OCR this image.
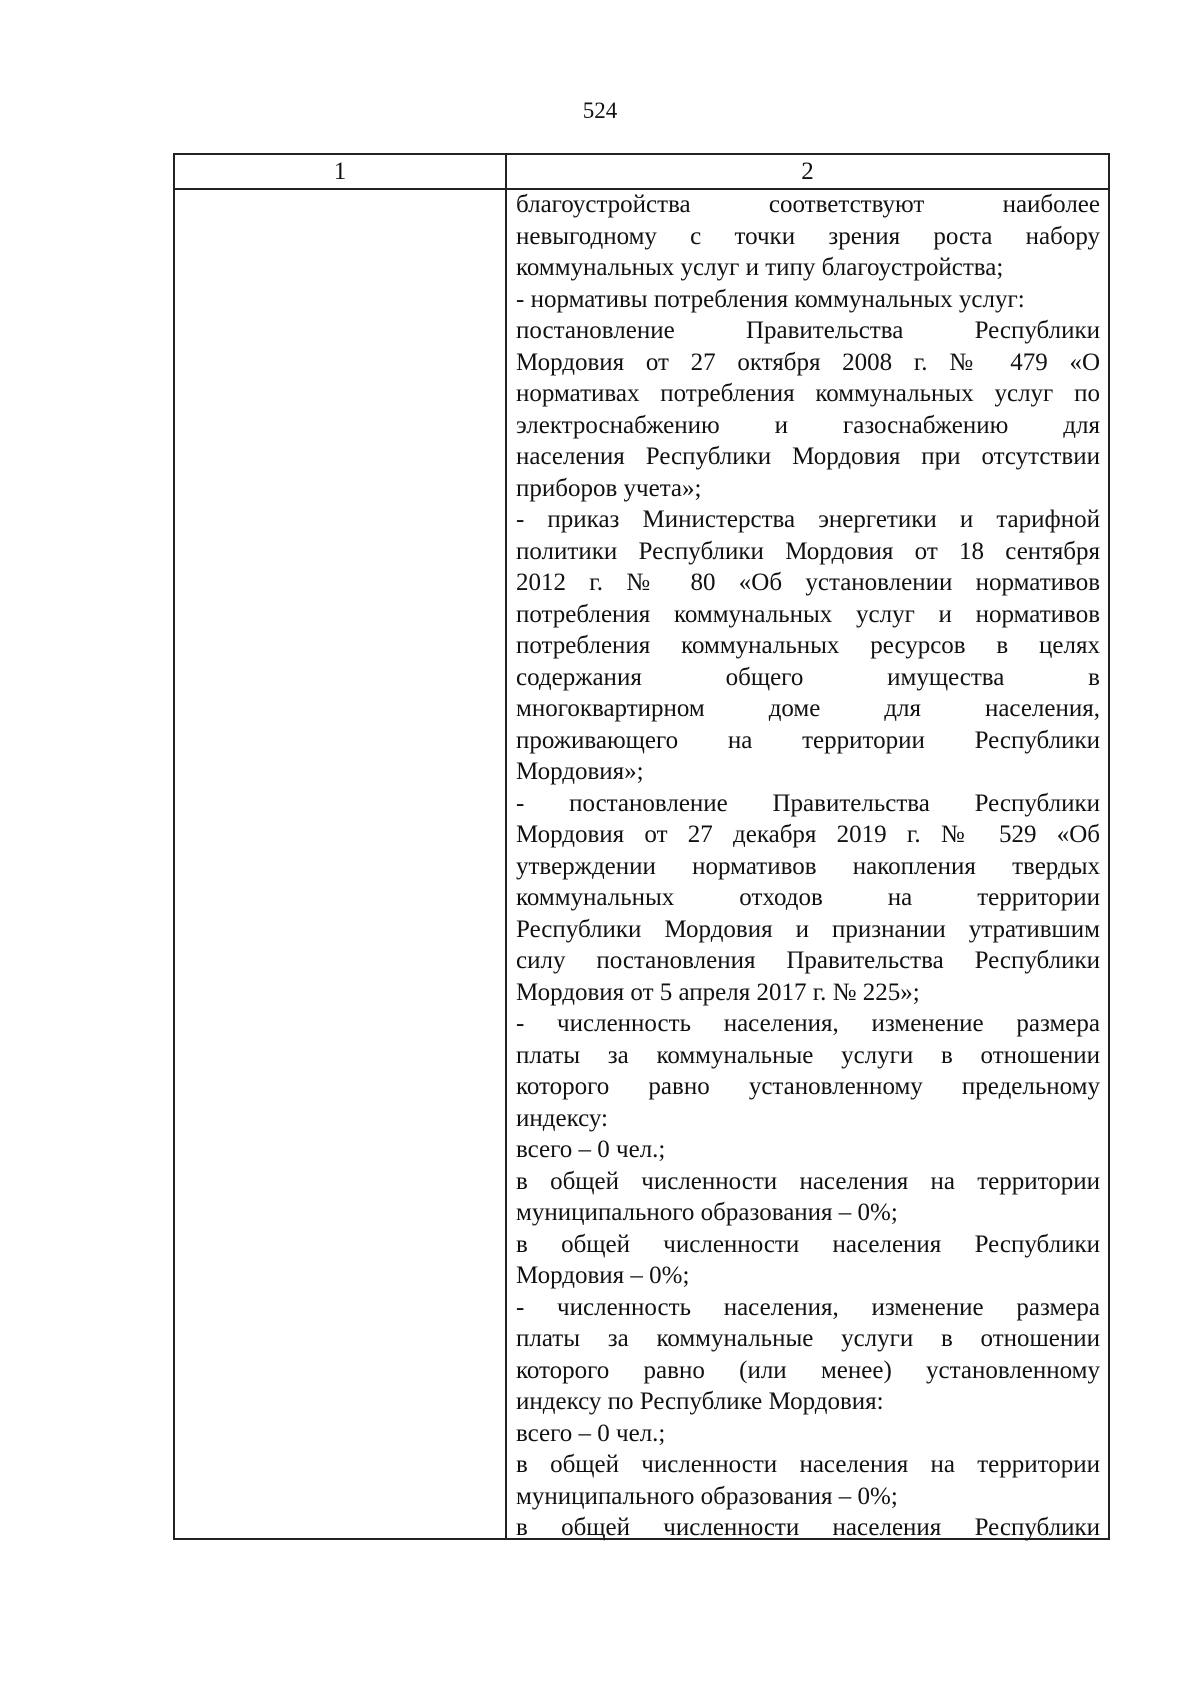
524
1	2
благоустройства соответствуют наиболее
невыгодному с точки зрения роста набору
коммунальных услуг и типу благоустройства;
- нормативы потребления коммунальных услуг:
постановление Правительства Республики
Мордовия от 27 октября 2008 г. № 479 «О
нормативах потребления коммунальных услуг по
электроснабжению и газоснабжению для
населения Республики Мордовия при отсутствии
приборов учета»;
- приказ Министерства энергетики и тарифной
политики Республики Мордовия от 18 сентября
2012 г. № 80 «Об установлении нормативов
потребления коммунальных услуг и нормативов
потребления коммунальных ресурсов в целях
содержания общего имущества в
многоквартирном доме для населения,
проживающего на территории Республики
Мордовия»;
- постановление Правительства Республики
Мордовия от 27 декабря 2019 г. № 529 «Об
утверждении нормативов накопления твердых
коммунальных отходов на территории
Республики Мордовия и признании утратившим
силу постановления Правительства Республики
Мордовия от 5 апреля 2017 г. № 225»;
- численность населения, изменение размера
платы за коммунальные услуги в отношении
которого равно установленному предельному
индексу:
всего – 0 чел.;
в общей численности населения на территории
муниципального образования – 0%;
в общей численности населения Республики
Мордовия – 0%;
- численность населения, изменение размера
платы за коммунальные услуги в отношении
которого равно (или менее) установленному
индексу по Республике Мордовия:
всего – 0 чел.;
в общей численности населения на территории
муниципального образования – 0%;
в общей численности населения Республики
